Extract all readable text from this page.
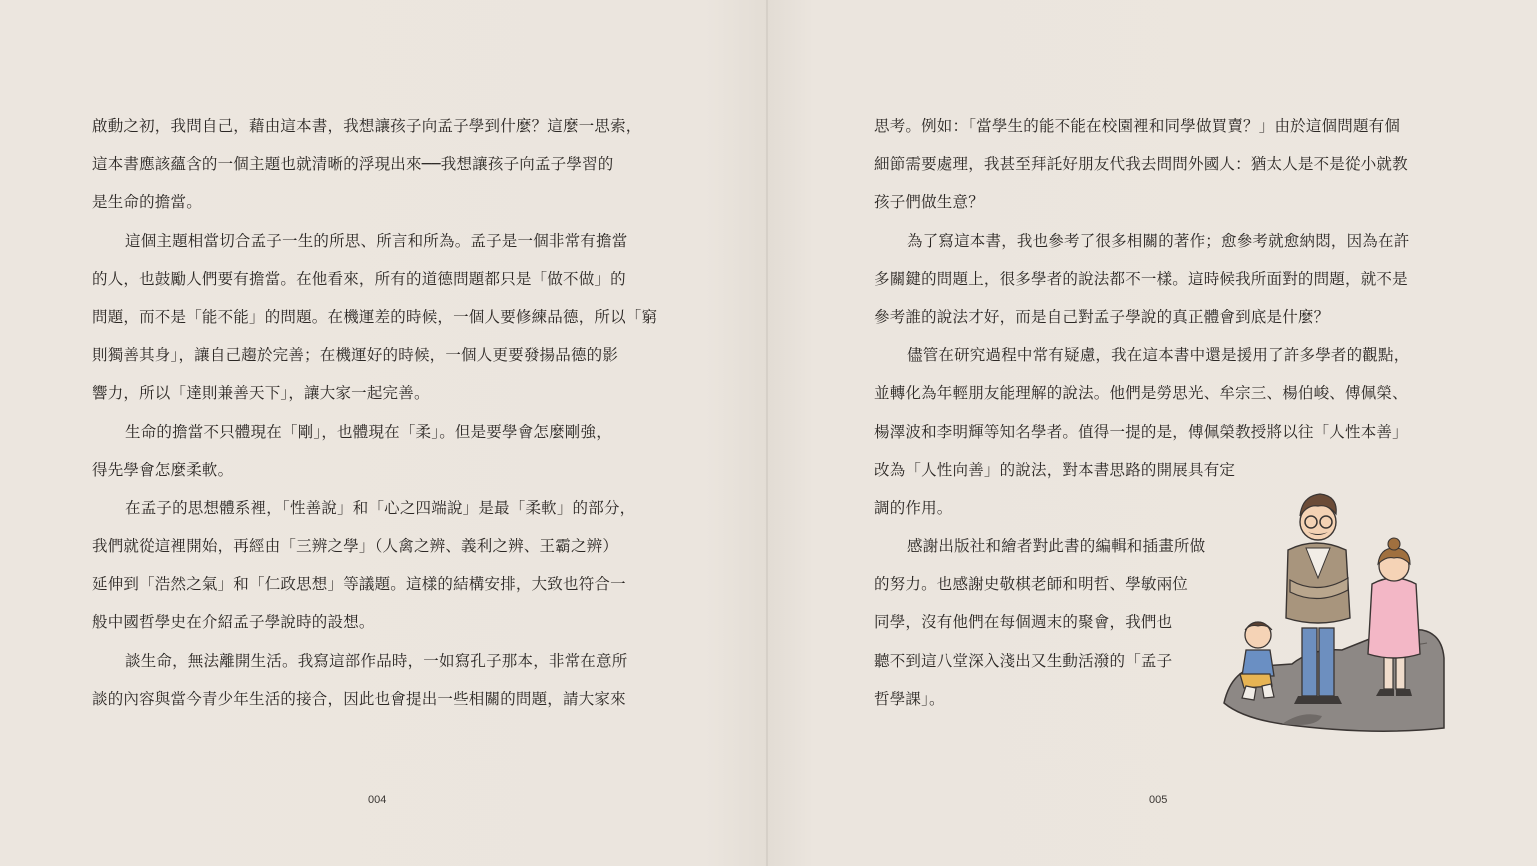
啟動之初，我問自己，藉由這本書，我想讓孩子向孟子學到什麼？這麼一思索，
這本書應該蘊含的一個主題也就清晰的浮現出來──我想讓孩子向孟子學習的
是生命的擔當。
這個主題相當切合孟子一生的所思、所言和所為。孟子是一個非常有擔當
的人，也鼓勵人們要有擔當。在他看來，所有的道德問題都只是「做不做」的
問題，而不是「能不能」的問題。在機運差的時候，一個人要修練品德，所以「窮
則獨善其身」，讓自己趨於完善；在機運好的時候，一個人更要發揚品德的影
響力，所以「達則兼善天下」，讓大家一起完善。
生命的擔當不只體現在「剛」，也體現在「柔」。但是要學會怎麼剛強，
得先學會怎麼柔軟。
在孟子的思想體系裡，「性善說」和「心之四端說」是最「柔軟」的部分，
我們就從這裡開始，再經由「三辨之學」（人禽之辨、義利之辨、王霸之辨）
延伸到「浩然之氣」和「仁政思想」等議題。這樣的結構安排，大致也符合一
般中國哲學史在介紹孟子學說時的設想。
談生命，無法離開生活。我寫這部作品時，一如寫孔子那本，非常在意所
談的內容與當今青少年生活的接合，因此也會提出一些相關的問題，請大家來
004
思考。例如：「當學生的能不能在校園裡和同學做買賣？」由於這個問題有個
細節需要處理，我甚至拜託好朋友代我去問問外國人：猶太人是不是從小就教
孩子們做生意？
為了寫這本書，我也參考了很多相關的著作；愈參考就愈納悶，因為在許
多關鍵的問題上，很多學者的說法都不一樣。這時候我所面對的問題，就不是
參考誰的說法才好，而是自己對孟子學說的真正體會到底是什麼？
儘管在研究過程中常有疑慮，我在這本書中還是援用了許多學者的觀點，
並轉化為年輕朋友能理解的說法。他們是勞思光、牟宗三、楊伯峻、傅佩榮、
楊澤波和李明輝等知名學者。值得一提的是，傅佩榮教授將以往「人性本善」
改為「人性向善」的說法，對本書思路的開展具有定
調的作用。
感謝出版社和繪者對此書的編輯和插畫所做
的努力。也感謝史敬棋老師和明哲、學敏兩位
同學，沒有他們在每個週末的聚會，我們也
聽不到這八堂深入淺出又生動活潑的「孟子
哲學課」。
005
